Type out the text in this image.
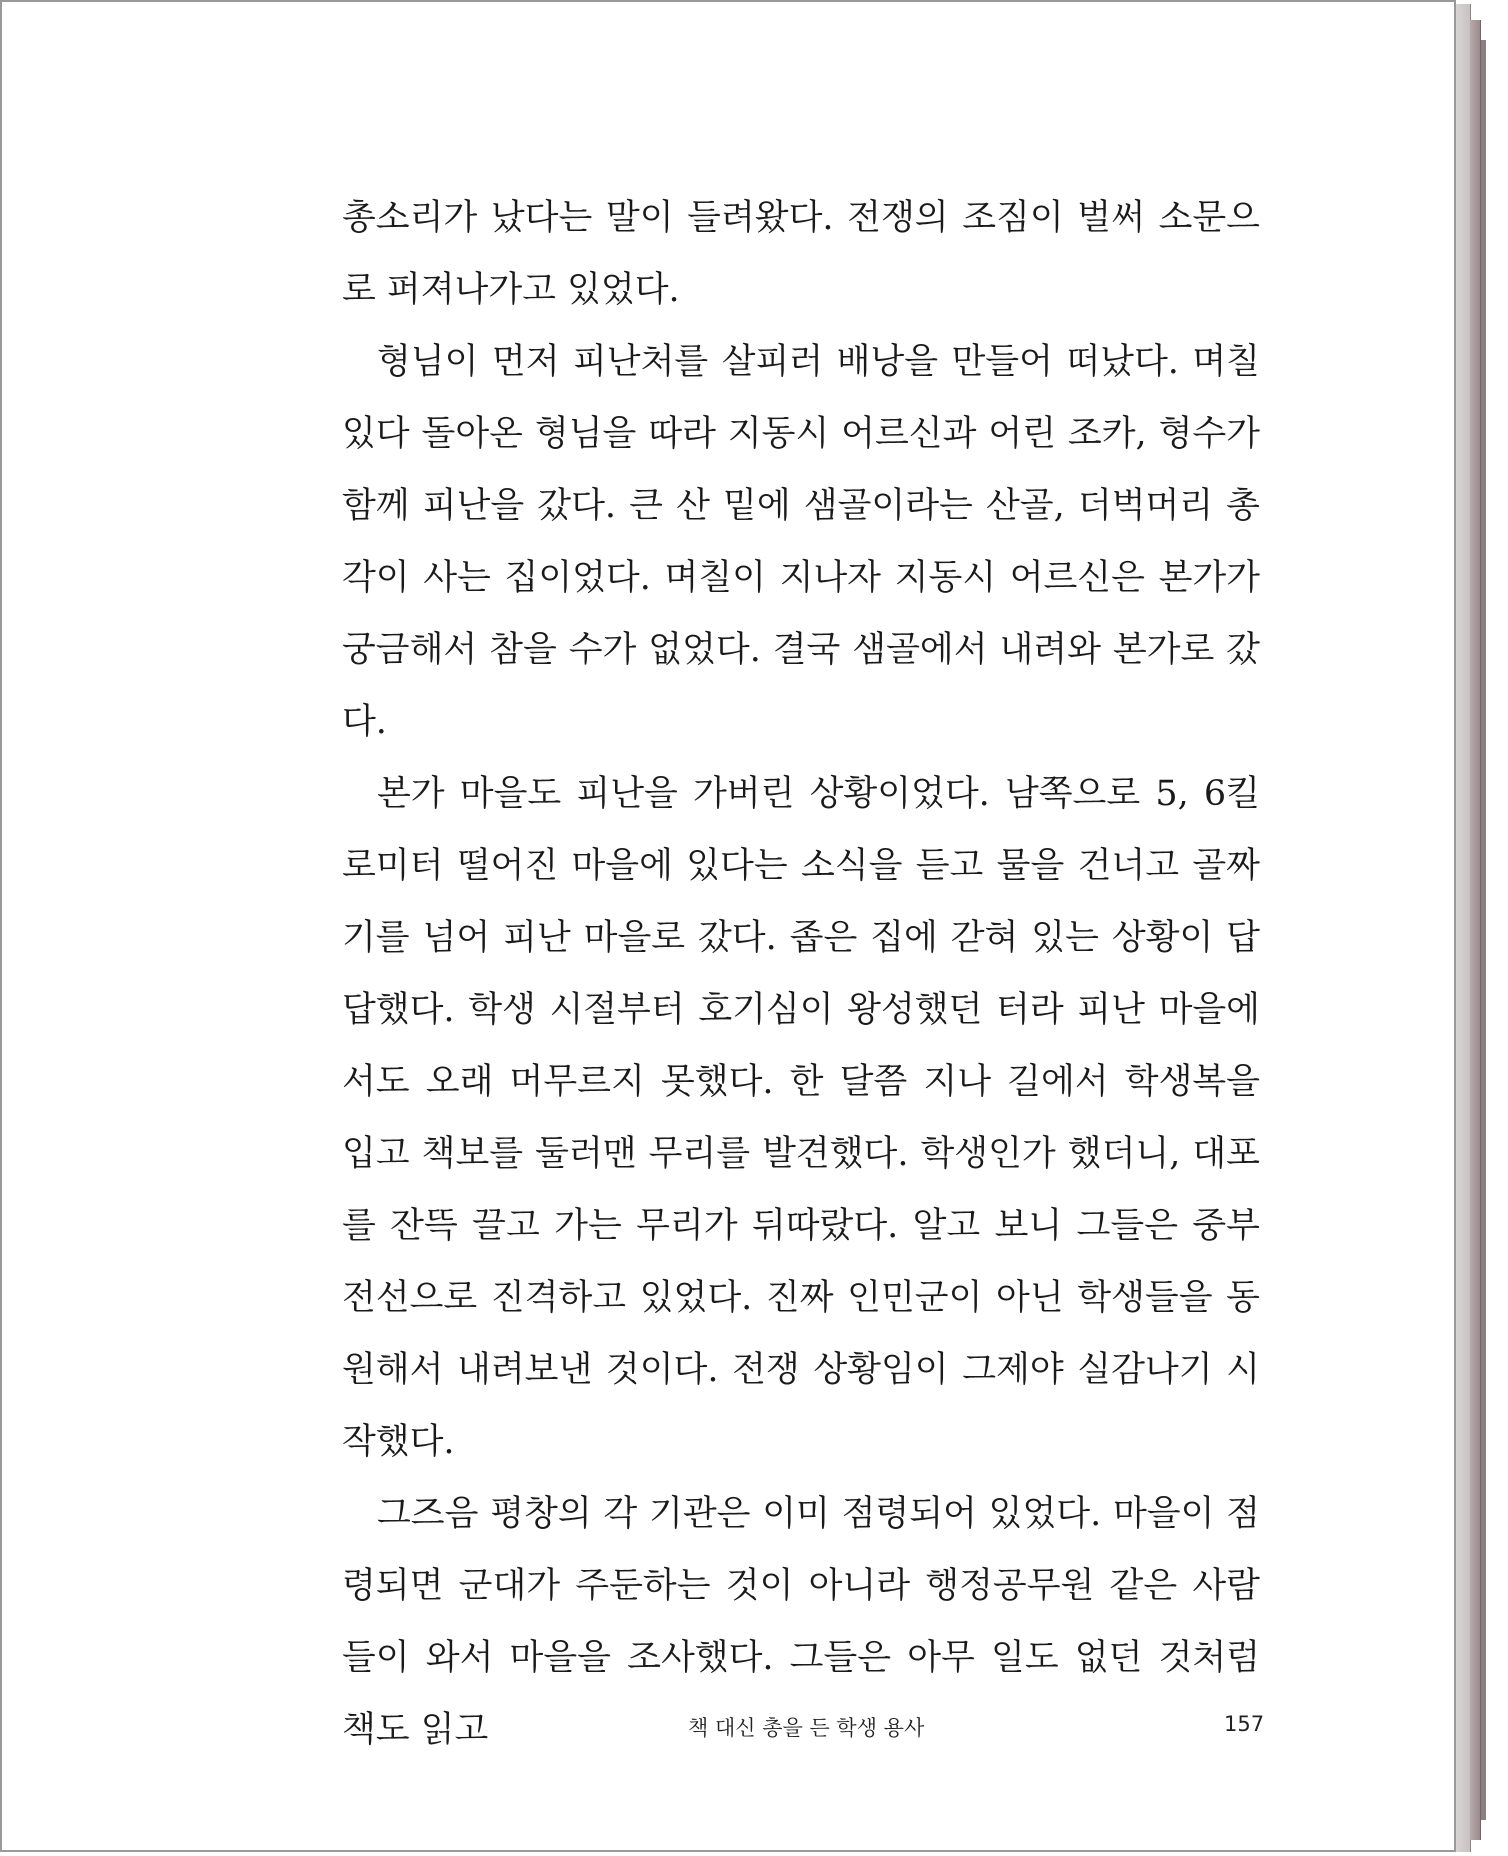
총소리가 났다는 말이 들려왔다. 전쟁의 조짐이 벌써 소문으로 퍼져나가고 있었다.

형님이 먼저 피난처를 살피러 배낭을 만들어 떠났다. 며칠 있다 돌아온 형님을 따라 지동시 어르신과 어린 조카, 형수가 함께 피난을 갔다. 큰 산 밑에 샘골이라는 산골, 더벅머리 총각이 사는 집이었다. 며칠이 지나자 지동시 어르신은 본가가 궁금해서 참을 수가 없었다. 결국 샘골에서 내려와 본가로 갔다.

본가 마을도 피난을 가버린 상황이었다. 남쪽으로 5, 6킬로미터 떨어진 마을에 있다는 소식을 듣고 물을 건너고 골짜기를 넘어 피난 마을로 갔다. 좁은 집에 갇혀 있는 상황이 답답했다. 학생 시절부터 호기심이 왕성했던 터라 피난 마을에서도 오래 머무르지 못했다. 한 달쯤 지나 길에서 학생복을 입고 책보를 둘러맨 무리를 발견했다. 학생인가 했더니, 대포를 잔뜩 끌고 가는 무리가 뒤따랐다. 알고 보니 그들은 중부전선으로 진격하고 있었다. 진짜 인민군이 아닌 학생들을 동원해서 내려보낸 것이다. 전쟁 상황임이 그제야 실감나기 시작했다.

그즈음 평창의 각 기관은 이미 점령되어 있었다. 마을이 점령되면 군대가 주둔하는 것이 아니라 행정공무원 같은 사람들이 와서 마을을 조사했다. 그들은 아무 일도 없던 것처럼 책도 읽고	책 대신 총을 든 학생 용사	157
